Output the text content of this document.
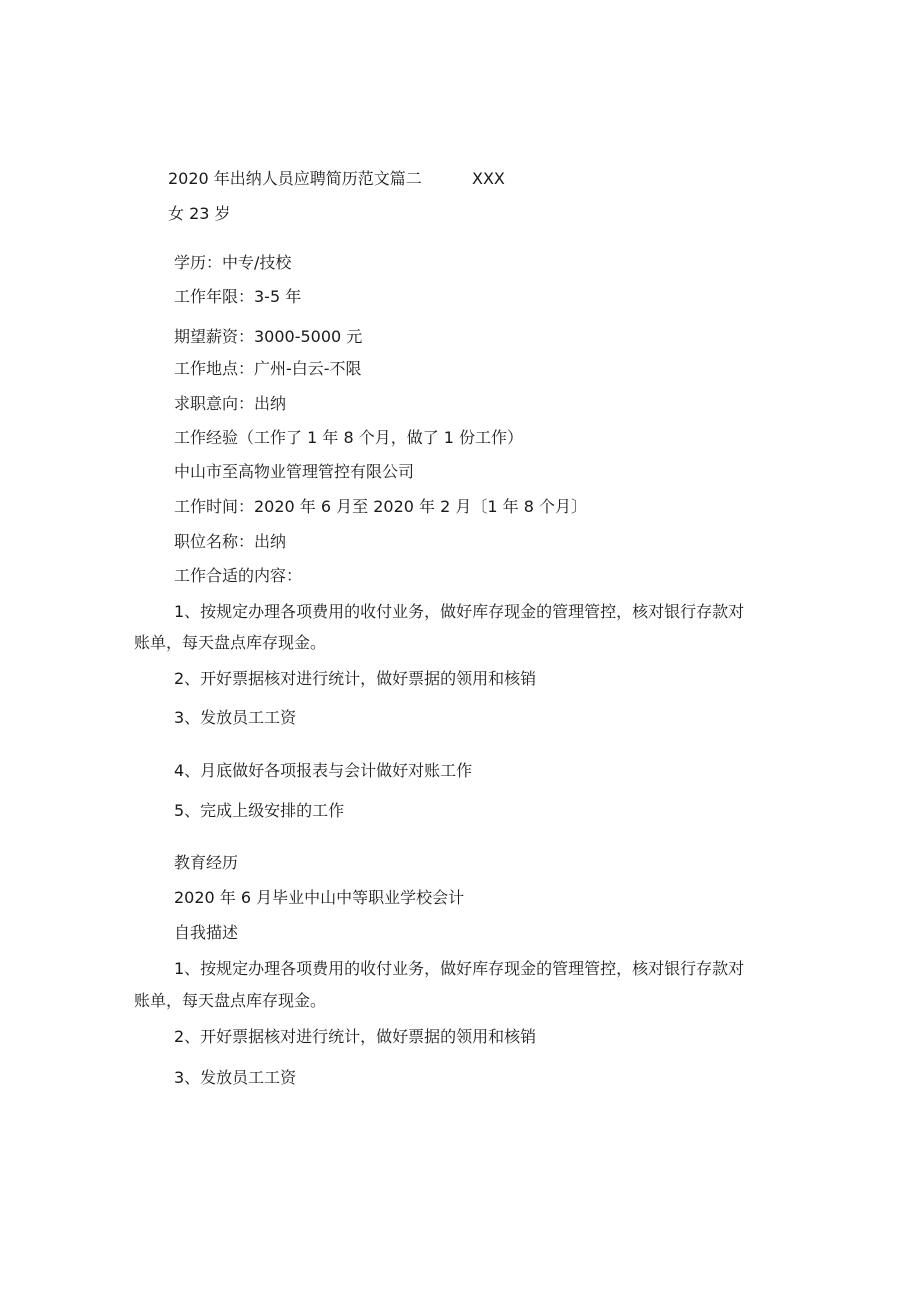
2020 年出纳人员应聘简历范文篇二	XXX
女 23 岁
学历：中专/技校
工作年限：3-5 年
期望薪资：3000-5000 元
工作地点：广州-白云-不限
求职意向：出纳
工作经验（工作了 1 年 8 个月，做了 1 份工作）
中山市至高物业管理管控有限公司
工作时间：2020 年 6 月至 2020 年 2 月〔1 年 8 个月〕
职位名称：出纳
工作合适的内容：
1、按规定办理各项费用的收付业务，做好库存现金的管理管控，核对银行存款对
账单，每天盘点库存现金。
2、开好票据核对进行统计，做好票据的领用和核销
3、发放员工工资
4、月底做好各项报表与会计做好对账工作
5、完成上级安排的工作
教育经历
2020 年 6 月毕业中山中等职业学校会计
自我描述
1、按规定办理各项费用的收付业务，做好库存现金的管理管控，核对银行存款对
账单，每天盘点库存现金。
2、开好票据核对进行统计，做好票据的领用和核销
3、发放员工工资
